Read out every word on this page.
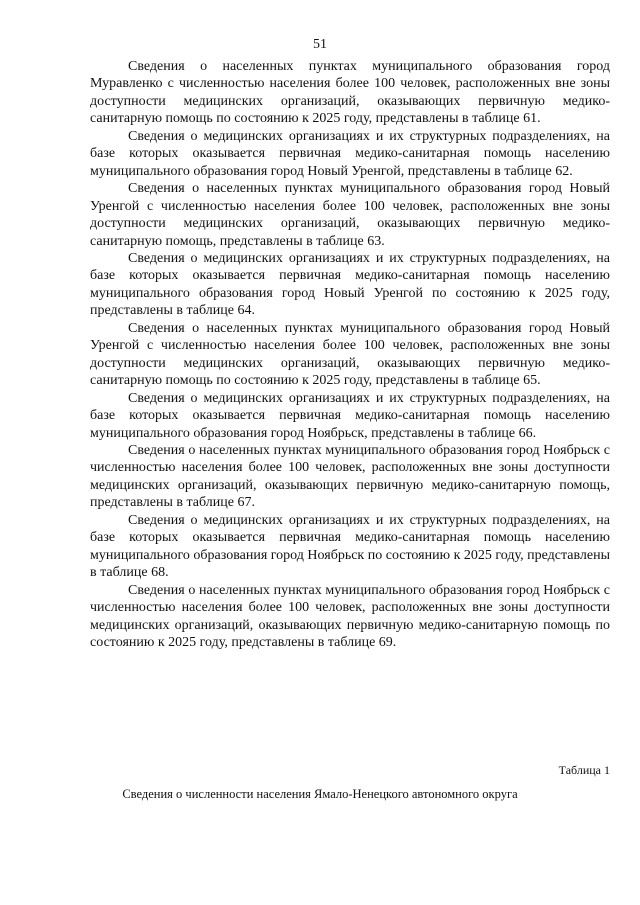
51

Сведения о населенных пунктах муниципального образования город Муравленко с численностью населения более 100 человек, расположенных вне зоны доступности медицинских организаций, оказывающих первичную медико-санитарную помощь по состоянию к 2025 году, представлены в таблице 61.

Сведения о медицинских организациях и их структурных подразделениях, на базе которых оказывается первичная медико-санитарная помощь населению муниципального образования город Новый Уренгой, представлены в таблице 62.

Сведения о населенных пунктах муниципального образования город Новый Уренгой с численностью населения более 100 человек, расположенных вне зоны доступности медицинских организаций, оказывающих первичную медико-санитарную помощь, представлены в таблице 63.

Сведения о медицинских организациях и их структурных подразделениях, на базе которых оказывается первичная медико-санитарная помощь населению муниципального образования город Новый Уренгой по состоянию к 2025 году, представлены в таблице 64.

Сведения о населенных пунктах муниципального образования город Новый Уренгой с численностью населения более 100 человек, расположенных вне зоны доступности медицинских организаций, оказывающих первичную медико-санитарную помощь по состоянию к 2025 году, представлены в таблице 65.

Сведения о медицинских организациях и их структурных подразделениях, на базе которых оказывается первичная медико-санитарная помощь населению муниципального образования город Ноябрьск, представлены в таблице 66.

Сведения о населенных пунктах муниципального образования город Ноябрьск с численностью населения более 100 человек, расположенных вне зоны доступности медицинских организаций, оказывающих первичную медико-санитарную помощь, представлены в таблице 67.

Сведения о медицинских организациях и их структурных подразделениях, на базе которых оказывается первичная медико-санитарная помощь населению муниципального образования город Ноябрьск по состоянию к 2025 году, представлены в таблице 68.

Сведения о населенных пунктах муниципального образования город Ноябрьск с численностью населения более 100 человек, расположенных вне зоны доступности медицинских организаций, оказывающих первичную медико-санитарную помощь по состоянию к 2025 году, представлены в таблице 69.

Таблица 1
Сведения о численности населения Ямало-Ненецкого автономного округа
